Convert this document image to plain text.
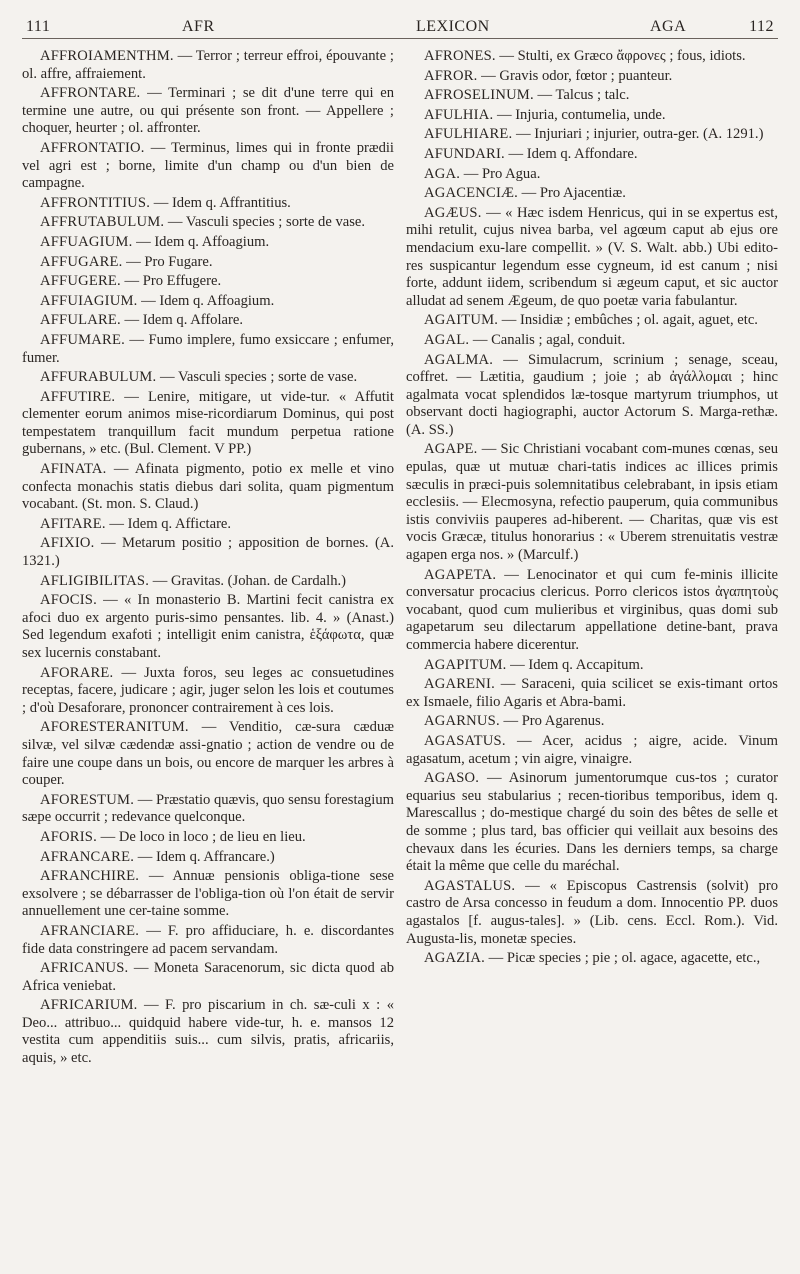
111	AFR	LEXICON	AGA	112

AFFROIAMENTHM. — Terror ; terreur effroi, épouvante ; ol. affre, affraiement.

AFFRONTARE. — Terminari ; se dit d'une terre qui en termine une autre, ou qui présente son front. — Appellere ; choquer, heurter ; ol. affronter.

AFFRONTATIO. — Terminus, limes qui in fronte prædii vel agri est ; borne, limite d'un champ ou d'un bien de campagne.

AFFRONTITIUS. — Idem q. Affrantitius.

AFFRUTABULUM. — Vasculi species ; sorte de vase.

AFFUAGIUM. — Idem q. Affoagium.

AFFUGARE. — Pro Fugare.

AFFUGERE. — Pro Effugere.

AFFUIAGIUM. — Idem q. Affoagium.

AFFULARE. — Idem q. Affolare.

AFFUMARE. — Fumo implere, fumo exsiccare ; enfumer, fumer.

AFFURABULUM. — Vasculi species ; sorte de vase.

AFFUTIRE. — Lenire, mitigare, ut vide-tur. « Affutit clementer eorum animos mise-ricordiarum Dominus, qui post tempestatem tranquillum facit mundum perpetua ratione gubernans, » etc. (Bul. Clement. V PP.)

AFINATA. — Afinata pigmento, potio ex melle et vino confecta monachis statis diebus dari solita, quam pigmentum vocabant. (St. mon. S. Claud.)

AFITARE. — Idem q. Affictare.

AFIXIO. — Metarum positio ; apposition de bornes. (A. 1321.)

AFLIGIBILITAS. — Gravitas. (Johan. de Cardalh.)

AFOCIS. — « In monasterio B. Martini fecit canistra ex afoci duo ex argento puris-simo pensantes. lib. 4. » (Anast.) Sed legendum exafoti ; intelligit enim canistra, ἑξάφωτα, quæ sex lucernis constabant.

AFORARE. — Juxta foros, seu leges ac consuetudines receptas, facere, judicare ; agir, juger selon les lois et coutumes ; d'où Desaforare, prononcer contrairement à ces lois.

AFORESTERANITUM. — Venditio, cæ-sura cæduæ silvæ, vel silvæ cædendæ assi-gnatio ; action de vendre ou de faire une coupe dans un bois, ou encore de marquer les arbres à couper.

AFORESTUM. — Præstatio quævis, quo sensu forestagium sæpe occurrit ; redevance quelconque.

AFORIS. — De loco in loco ; de lieu en lieu.

AFRANCARE. — Idem q. Affrancare.)

AFRANCHIRE. — Annuæ pensionis obliga-tione sese exsolvere ; se débarrasser de l'obliga-tion où l'on était de servir annuellement une cer-taine somme.

AFRANCIARE. — F. pro affiduciare, h. e. discordantes fide data constringere ad pacem servandam.

AFRICANUS. — Moneta Saracenorum, sic dicta quod ab Africa veniebat.

AFRICARIUM. — F. pro piscarium in ch. sæ-culi x : « Deo... attribuo... quidquid habere vide-tur, h. e. mansos 12 vestita cum appenditiis suis... cum silvis, pratis, africariis, aquis, » etc.

AFRONES. — Stulti, ex Græco ἄφρονες ; fous, idiots.

AFROR. — Gravis odor, fœtor ; puanteur.

AFROSELINUM. — Talcus ; talc.

AFULHIA. — Injuria, contumelia, unde.

AFULHIARE. — Injuriari ; injurier, outra-ger. (A. 1291.)

AFUNDARI. — Idem q. Affondare.

AGA. — Pro Agua.

AGACENCIÆ. — Pro Ajacentiæ.

AGÆUS. — « Hæc isdem Henricus, qui in se expertus est, mihi retulit, cujus nivea barba, vel agœum caput ab ejus ore mendacium exu-lare compellit. » (V. S. Walt. abb.) Ubi edito-res suspicantur legendum esse cygneum, id est canum ; nisi forte, addunt iidem, scribendum si ægeum caput, et sic auctor alludat ad senem Ægeum, de quo poetæ varia fabulantur.

AGAITUM. — Insidiæ ; embûches ; ol. agait, aguet, etc.

AGAL. — Canalis ; agal, conduit.

AGALMA. — Simulacrum, scrinium ; senage, sceau, coffret. — Lætitia, gaudium ; joie ; ab ἀγάλλομαι ; hinc agalmata vocat splendidos læ-tosque martyrum triumphos, ut observant docti hagiographi, auctor Actorum S. Marga-rethæ. (A. SS.)

AGAPE. — Sic Christiani vocabant com-munes cœnas, seu epulas, quæ ut mutuæ chari-tatis indices ac illices primis sæculis in præci-puis solemnitatibus celebrabant, in ipsis etiam ecclesiis. — Elecmosyna, refectio pauperum, quia communibus istis conviviis pauperes ad-hiberent. — Charitas, quæ vis est vocis Græcæ, titulus honorarius : « Uberem strenuitatis vestræ agapen erga nos. » (Marculf.)

AGAPETA. — Lenocinator et qui cum fe-minis illicite conversatur procacius clericus. Porro clericos istos ἀγαπητοὺς vocabant, quod cum mulieribus et virginibus, quas domi sub agapetarum seu dilectarum appellatione detine-bant, prava commercia habere dicerentur.

AGAPITUM. — Idem q. Accapitum.

AGARENI. — Saraceni, quia scilicet se exis-timant ortos ex Ismaele, filio Agaris et Abra-bami.

AGARNUS. — Pro Agarenus.

AGASATUS. — Acer, acidus ; aigre, acide. Vinum agasatum, acetum ; vin aigre, vinaigre.

AGASO. — Asinorum jumentorumque cus-tos ; curator equarius seu stabularius ; recen-tioribus temporibus, idem q. Marescallus ; do-mestique chargé du soin des bêtes de selle et de somme ; plus tard, bas officier qui veillait aux besoins des chevaux dans les écuries. Dans les derniers temps, sa charge était la même que celle du maréchal.

AGASTALUS. — « Episcopus Castrensis (solvit) pro castro de Arsa concesso in feudum a dom. Innocentio PP. duos agastalos [f. augus-tales]. » (Lib. cens. Eccl. Rom.). Vid. Augusta-lis, monetæ species.

AGAZIA. — Picæ species ; pie ; ol. agace, agacette, etc.,
